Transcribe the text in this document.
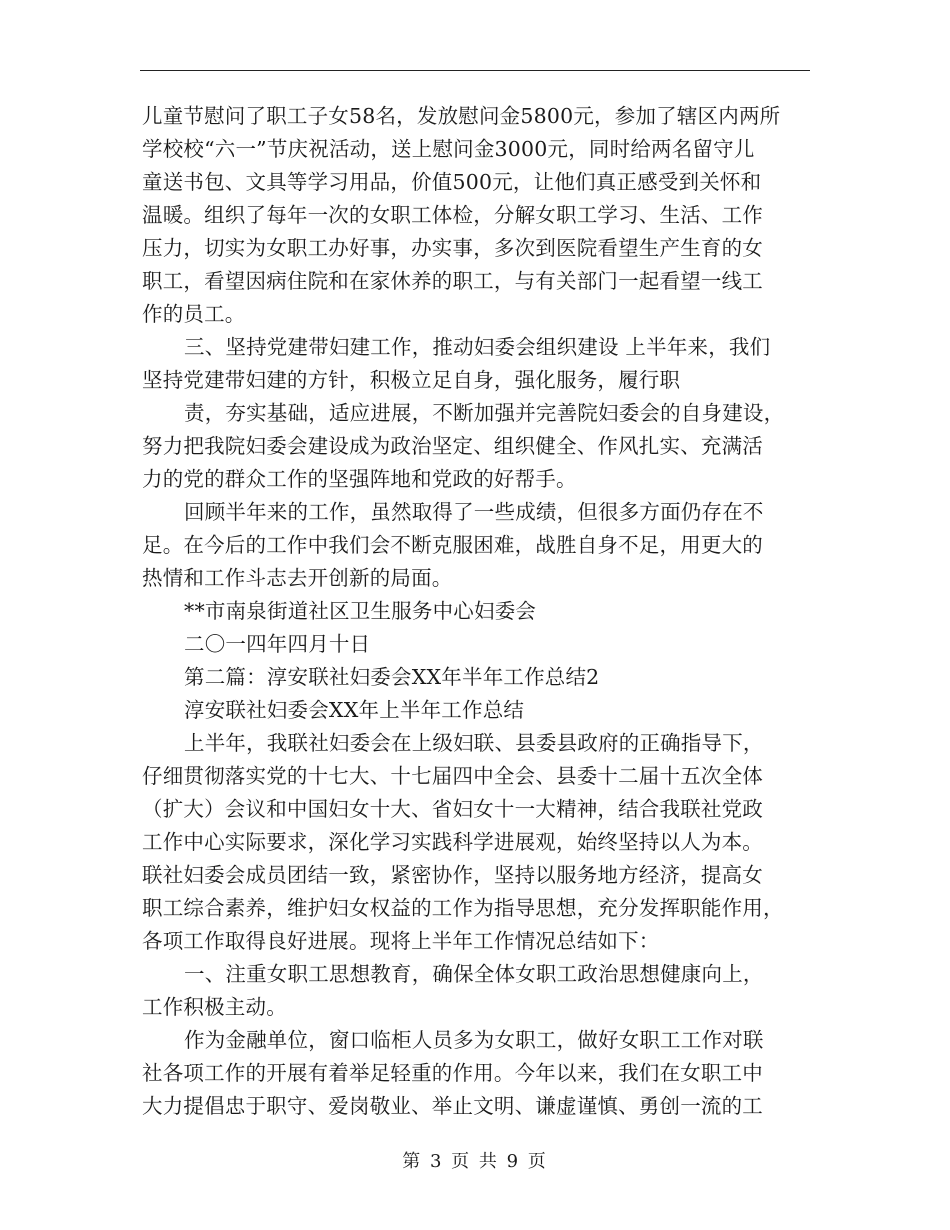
儿童节慰问了职工子女58名，发放慰问金5800元，参加了辖区内两所
学校校“六一”节庆祝活动，送上慰问金3000元，同时给两名留守儿
童送书包、文具等学习用品，价值500元，让他们真正感受到关怀和
温暖。组织了每年一次的女职工体检，分解女职工学习、生活、工作
压力，切实为女职工办好事，办实事，多次到医院看望生产生育的女
职工，看望因病住院和在家休养的职工，与有关部门一起看望一线工
作的员工。
三、坚持党建带妇建工作，推动妇委会组织建设 上半年来，我们
坚持党建带妇建的方针，积极立足自身，强化服务，履行职
责，夯实基础，适应进展，不断加强并完善院妇委会的自身建设，
努力把我院妇委会建设成为政治坚定、组织健全、作风扎实、充满活
力的党的群众工作的坚强阵地和党政的好帮手。
回顾半年来的工作，虽然取得了一些成绩，但很多方面仍存在不
足。在今后的工作中我们会不断克服困难，战胜自身不足，用更大的
热情和工作斗志去开创新的局面。
**市南泉街道社区卫生服务中心妇委会
二〇一四年四月十日
第二篇：淳安联社妇委会XX年半年工作总结2
淳安联社妇委会XX年上半年工作总结
上半年，我联社妇委会在上级妇联、县委县政府的正确指导下，
仔细贯彻落实党的十七大、十七届四中全会、县委十二届十五次全体
（扩大）会议和中国妇女十大、省妇女十一大精神，结合我联社党政
工作中心实际要求，深化学习实践科学进展观，始终坚持以人为本。
联社妇委会成员团结一致，紧密协作，坚持以服务地方经济，提高女
职工综合素养，维护妇女权益的工作为指导思想，充分发挥职能作用，
各项工作取得良好进展。现将上半年工作情况总结如下：
一、注重女职工思想教育，确保全体女职工政治思想健康向上，
工作积极主动。
作为金融单位，窗口临柜人员多为女职工，做好女职工工作对联
社各项工作的开展有着举足轻重的作用。今年以来，我们在女职工中
大力提倡忠于职守、爱岗敬业、举止文明、谦虚谨慎、勇创一流的工
第 3 页 共 9 页
